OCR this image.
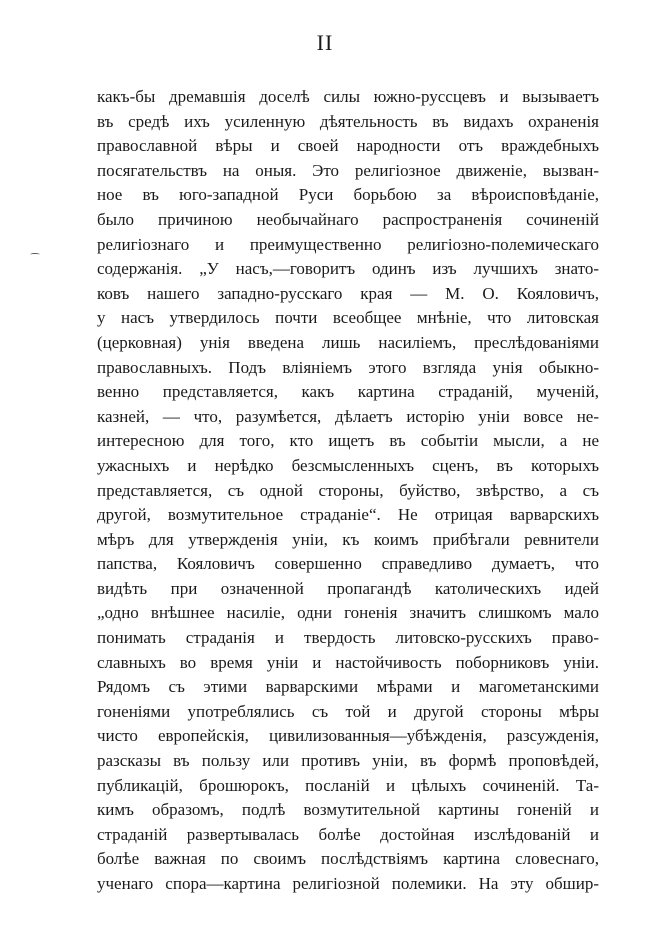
II
какъ-бы дремавшія доселѣ силы южно-руссцевъ и вызываетъ
въ средѣ ихъ усиленную дѣятельность въ видахъ охраненія
православной вѣры и своей народности отъ враждебныхъ
посягательствъ на оныя. Это религіозное движеніе, вызван-
ное въ юго-западной Руси борьбою за вѣроисповѣданіе,
было причиною необычайнаго распространенія сочиненій
религіознаго и преимущественно религіозно-полемическаго
содержанія. „У насъ,—говоритъ одинъ изъ лучшихъ знато-
ковъ нашего западно-русскаго края — М. О. Кояловичъ,
у насъ утвердилось почти всеобщее мнѣніе, что литовская
(церковная) унія введена лишь насиліемъ, преслѣдованіями
православныхъ. Подъ вліяніемъ этого взгляда унія обыкно-
венно представляется, какъ картина страданій, мученій,
казней, — что, разумѣется, дѣлаетъ исторію уніи вовсе не-
интересною для того, кто ищетъ въ событіи мысли, а не
ужасныхъ и нерѣдко безсмысленныхъ сценъ, въ которыхъ
представляется, съ одной стороны, буйство, звѣрство, а съ
другой, возмутительное страданіе“. Не отрицая варварскихъ
мѣръ для утвержденія уніи, къ коимъ прибѣгали ревнители
папства, Кояловичъ совершенно справедливо думаетъ, что
видѣть при означенной пропагандѣ католическихъ идей
„одно внѣшнее насиліе, одни гоненія значитъ слишкомъ мало
понимать страданія и твердость литовско-русскихъ право-
славныхъ во время уніи и настойчивость поборниковъ уніи.
Рядомъ съ этими варварскими мѣрами и магометанскими
гоненіями употреблялись съ той и другой стороны мѣры
чисто европейскія, цивилизованныя—убѣжденія, разсужденія,
разсказы въ пользу или противъ уніи, въ формѣ проповѣдей,
публикацій, брошюрокъ, посланій и цѣлыхъ сочиненій. Та-
кимъ образомъ, подлѣ возмутительной картины гоненій и
страданій развертывалась болѣе достойная изслѣдованій и
болѣе важная по своимъ послѣдствіямъ картина словеснаго,
ученаго спора—картина религіозной полемики. На эту обшир-
